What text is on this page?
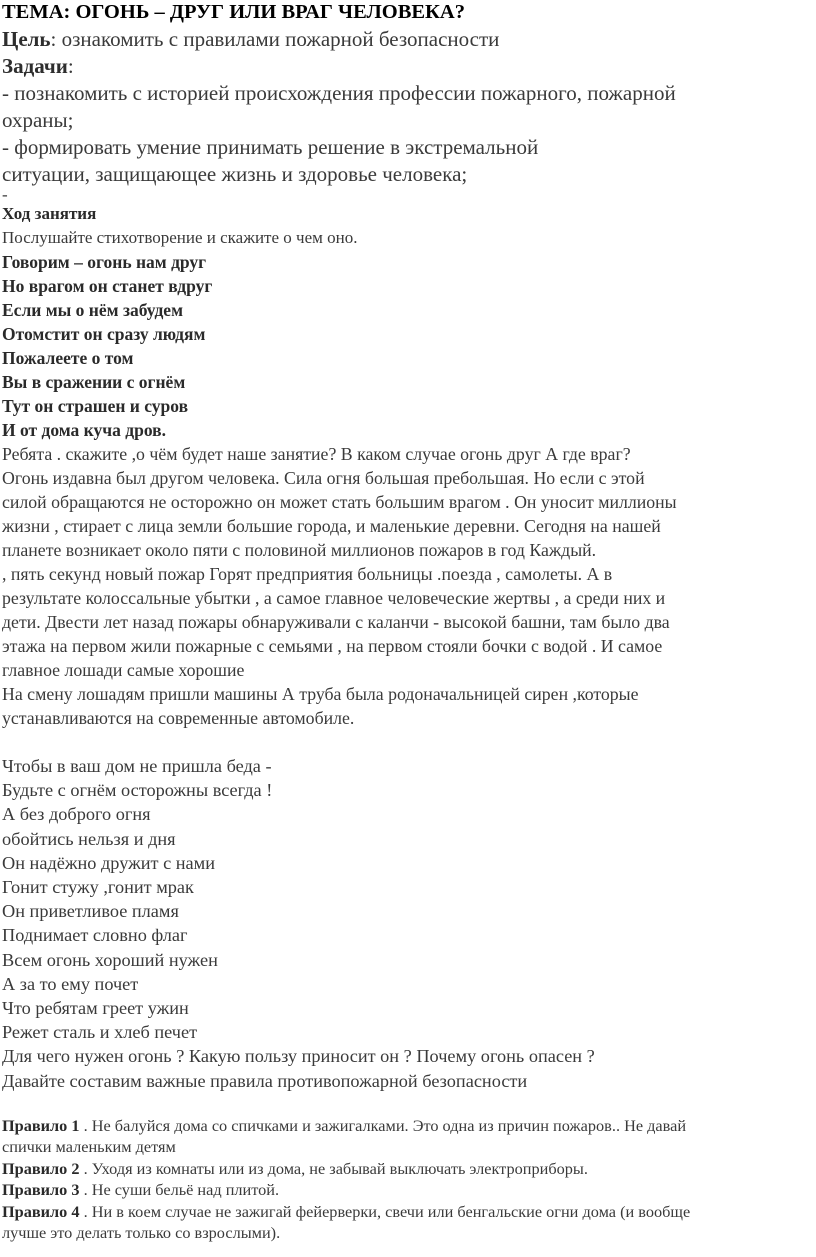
ТЕМА: ОГОНЬ – ДРУГ ИЛИ ВРАГ ЧЕЛОВЕКА?
Цель: ознакомить с правилами пожарной безопасности
Задачи:
- познакомить с историей происхождения профессии пожарного, пожарной
охраны;
- формировать умение принимать решение в экстремальной
ситуации, защищающее жизнь и здоровье человека;
-
Ход занятия
Послушайте стихотворение и скажите о чем оно.
Говорим – огонь нам друг
Но врагом он станет вдруг
Если мы о нём забудем
Отомстит он сразу людям
Пожалеете о том
Вы в сражении с огнём
Тут он страшен и суров
И от дома куча дров.
Ребята . скажите ,о чём будет наше занятие? В каком случае огонь друг А где враг?
Огонь издавна был другом человека. Сила огня большая пребольшая. Но если с этой
силой обращаются не осторожно он может стать большим врагом . Он уносит миллионы
жизни , стирает с лица земли большие города, и маленькие деревни. Сегодня на нашей
планете возникает около пяти с половиной миллионов пожаров в год Каждый.
, пять секунд новый пожар Горят предприятия больницы .поезда , самолеты. А в
результате колоссальные убытки , а самое главное человеческие жертвы , а среди них и
дети. Двести лет назад пожары обнаруживали с каланчи - высокой башни, там было два
этажа на первом жили пожарные с семьями , на первом стояли бочки с водой . И самое
главное лошади самые хорошие
На смену лошадям пришли машины А труба была родоначальницей сирен ,которые
устанавливаются на современные автомобиле.
Чтобы в ваш дом не пришла беда -
Будьте с огнём осторожны всегда !
А без доброго огня
обойтись нельзя и дня
Он надёжно дружит с нами
Гонит стужу ,гонит мрак
Он приветливое пламя
Поднимает словно флаг
Всем огонь хороший нужен
А за то ему почет
Что ребятам греет ужин
Режет сталь и хлеб печет
Для чего нужен огонь ? Какую пользу приносит он ? Почему огонь опасен ?
Давайте составим важные правила противопожарной безопасности
Правило 1 . Не балуйся дома со спичками и зажигалками. Это одна из причин пожаров.. Не давай
спички маленьким детям
Правило 2 . Уходя из комнаты или из дома, не забывай выключать электроприборы.
Правило 3 . Не суши бельё над плитой.
Правило 4 . Ни в коем случае не зажигай фейерверки, свечи или бенгальские огни дома (и вообще
лучше это делать только со взрослыми).
